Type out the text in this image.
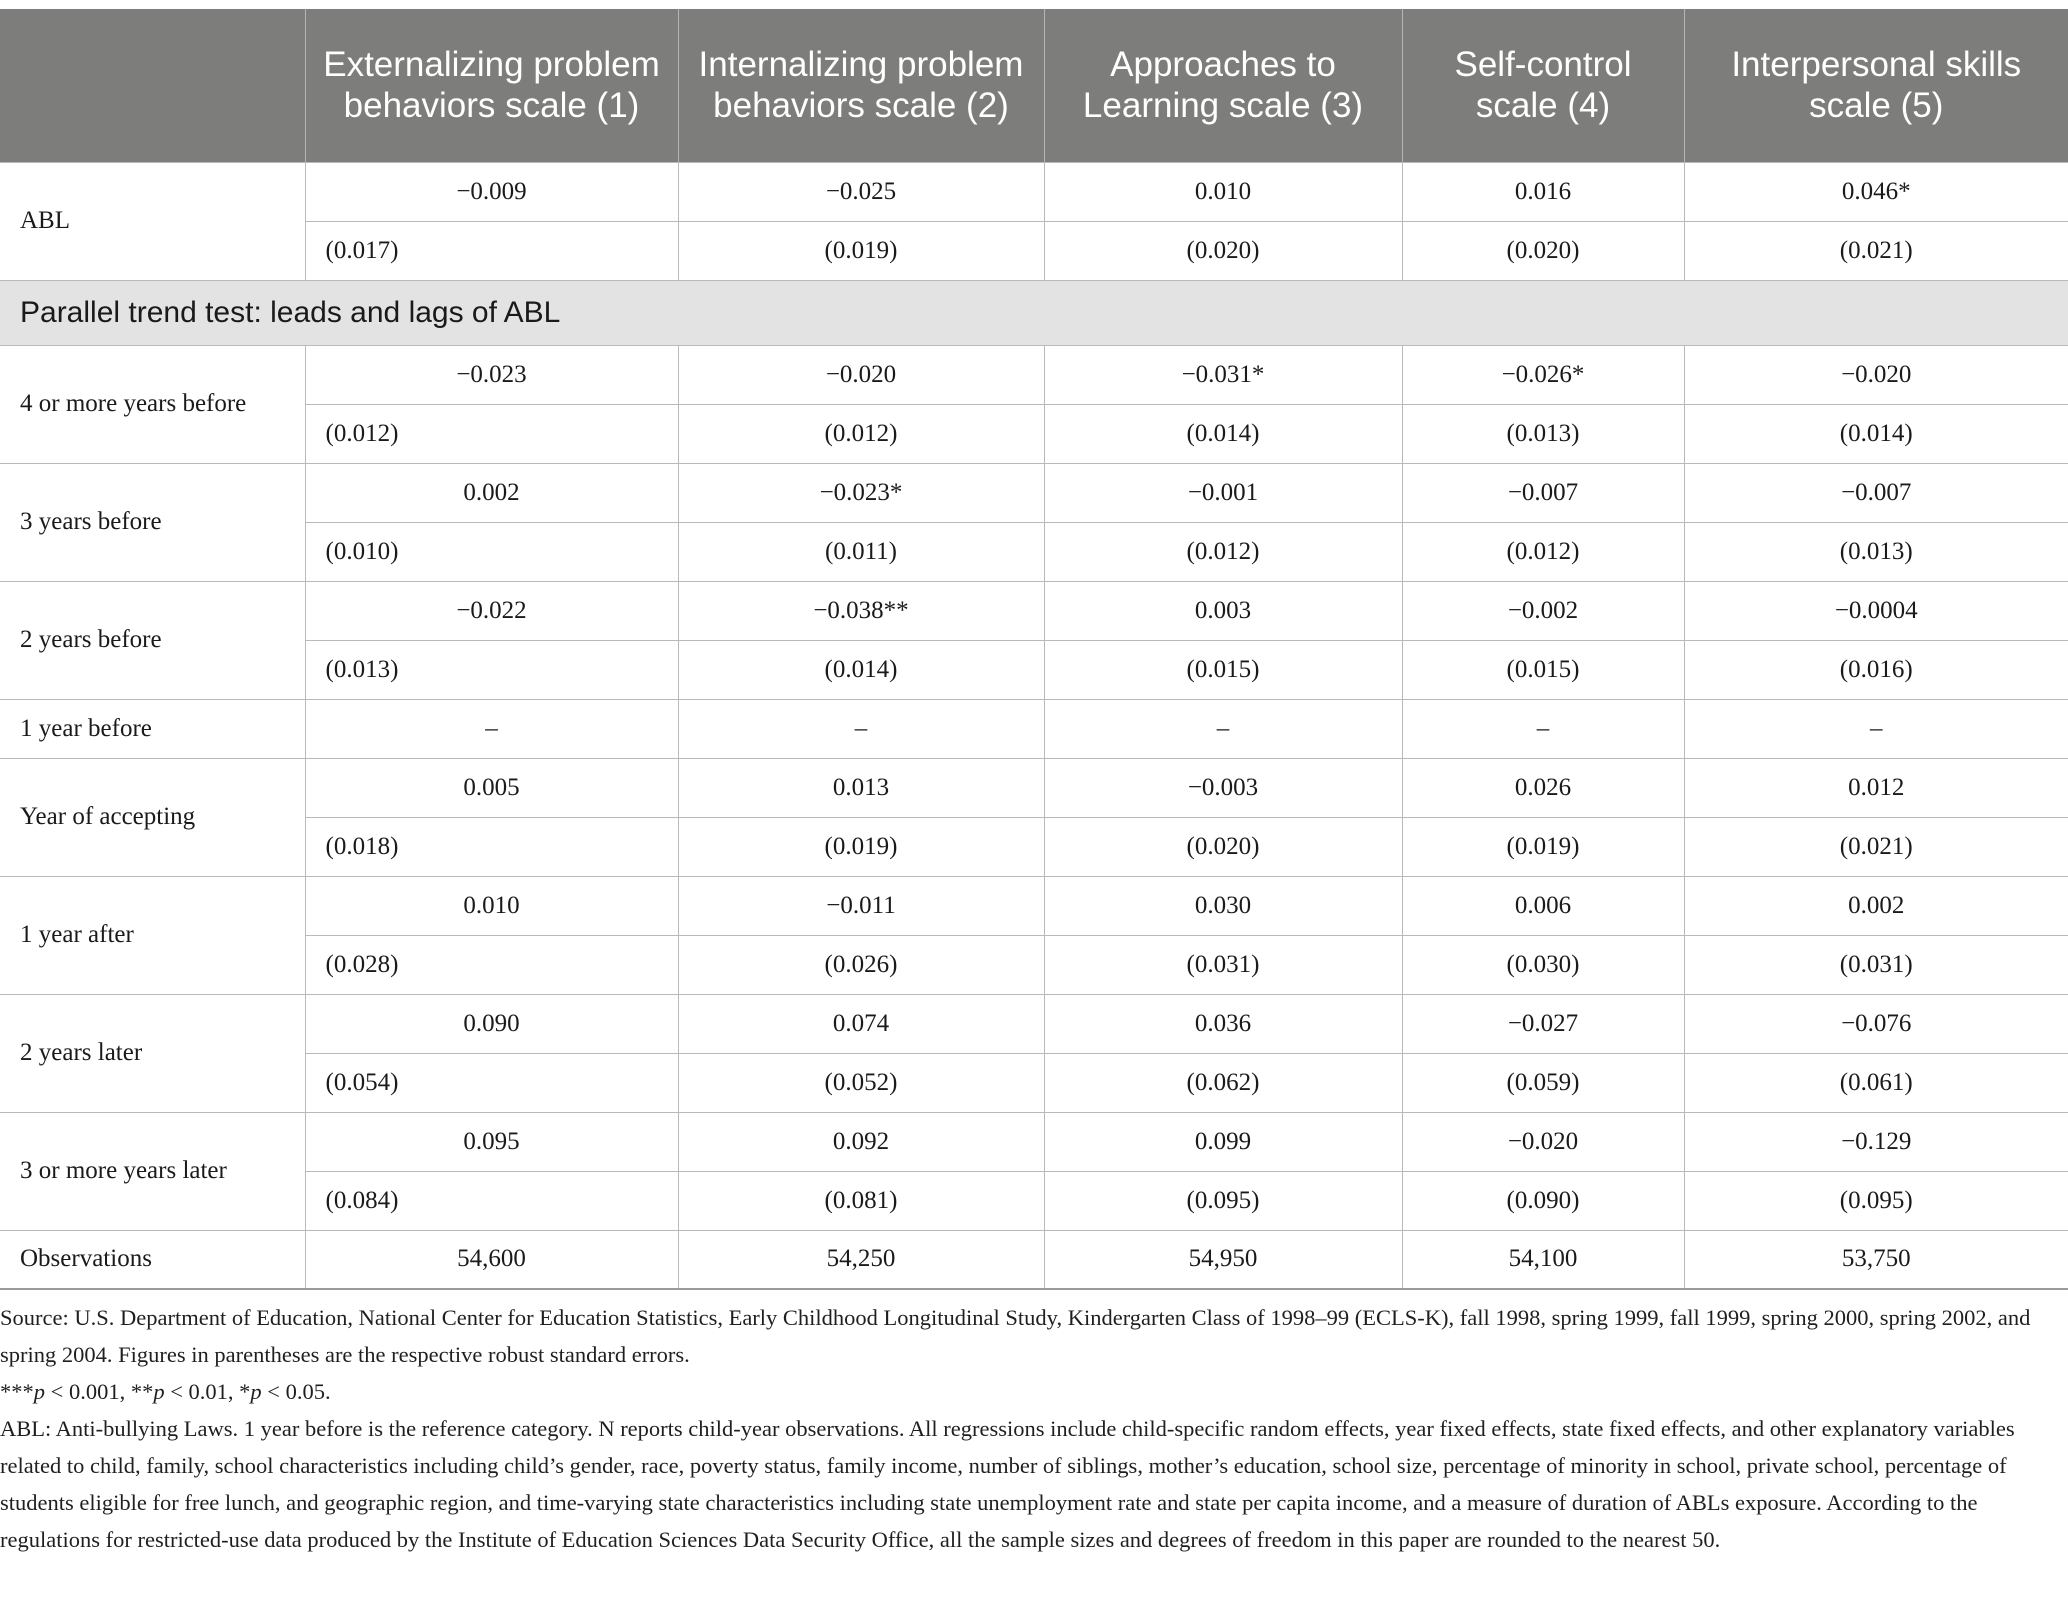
	Externalizing problem behaviors scale (1)	Internalizing problem behaviors scale (2)	Approaches to Learning scale (3)	Self-control scale (4)	Interpersonal skills scale (5)
ABL	−0.009	−0.025	0.010	0.016	0.046*
	(0.017)	(0.019)	(0.020)	(0.020)	(0.021)
Parallel trend test: leads and lags of ABL					
4 or more years before	−0.023	−0.020	−0.031*	−0.026*	−0.020
	(0.012)	(0.012)	(0.014)	(0.013)	(0.014)
3 years before	0.002	−0.023*	−0.001	−0.007	−0.007
	(0.010)	(0.011)	(0.012)	(0.012)	(0.013)
2 years before	−0.022	−0.038**	0.003	−0.002	−0.0004
	(0.013)	(0.014)	(0.015)	(0.015)	(0.016)
1 year before	–	–	–	–	–
Year of accepting	0.005	0.013	−0.003	0.026	0.012
	(0.018)	(0.019)	(0.020)	(0.019)	(0.021)
1 year after	0.010	−0.011	0.030	0.006	0.002
	(0.028)	(0.026)	(0.031)	(0.030)	(0.031)
2 years later	0.090	0.074	0.036	−0.027	−0.076
	(0.054)	(0.052)	(0.062)	(0.059)	(0.061)
3 or more years later	0.095	0.092	0.099	−0.020	−0.129
	(0.084)	(0.081)	(0.095)	(0.090)	(0.095)
Observations	54,600	54,250	54,950	54,100	53,750

Source: U.S. Department of Education, National Center for Education Statistics, Early Childhood Longitudinal Study, Kindergarten Class of 1998–99 (ECLS-K), fall 1998, spring 1999, fall 1999, spring 2000, spring 2002, and spring 2004. Figures in parentheses are the respective robust standard errors.

***p < 0.001, **p < 0.01, *p < 0.05.

ABL: Anti-bullying Laws. 1 year before is the reference category. N reports child-year observations. All regressions include child-specific random effects, year fixed effects, state fixed effects, and other explanatory variables related to child, family, school characteristics including child’s gender, race, poverty status, family income, number of siblings, mother’s education, school size, percentage of minority in school, private school, percentage of students eligible for free lunch, and geographic region, and time-varying state characteristics including state unemployment rate and state per capita income, and a measure of duration of ABLs exposure. According to the regulations for restricted-use data produced by the Institute of Education Sciences Data Security Office, all the sample sizes and degrees of freedom in this paper are rounded to the nearest 50.
